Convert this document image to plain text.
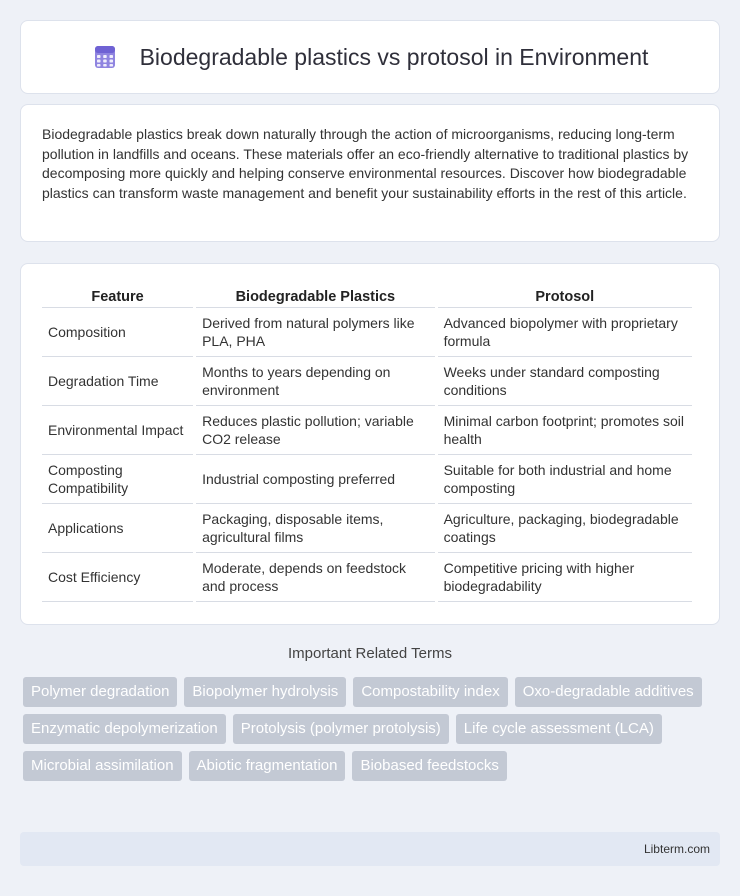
Biodegradable plastics vs protosol in Environment

Biodegradable plastics break down naturally through the action of microorganisms, reducing long-term pollution in landfills and oceans. These materials offer an eco-friendly alternative to traditional plastics by decomposing more quickly and helping conserve environmental resources. Discover how biodegradable plastics can transform waste management and benefit your sustainability efforts in the rest of this article.

Feature	Biodegradable Plastics	Protosol
Composition	Derived from natural polymers like PLA, PHA	Advanced biopolymer with proprietary formula
Degradation Time	Months to years depending on environment	Weeks under standard composting conditions
Environmental Impact	Reduces plastic pollution; variable CO2 release	Minimal carbon footprint; promotes soil health
Composting Compatibility	Industrial composting preferred	Suitable for both industrial and home composting
Applications	Packaging, disposable items, agricultural films	Agriculture, packaging, biodegradable coatings
Cost Efficiency	Moderate, depends on feedstock and process	Competitive pricing with higher biodegradability
Important Related Terms
Polymer degradation	Biopolymer hydrolysis	Compostability index	Oxo-degradable additives
Enzymatic depolymerization	Protolysis (polymer protolysis)	Life cycle assessment (LCA)
Microbial assimilation	Abiotic fragmentation	Biobased feedstocks
Libterm.com
